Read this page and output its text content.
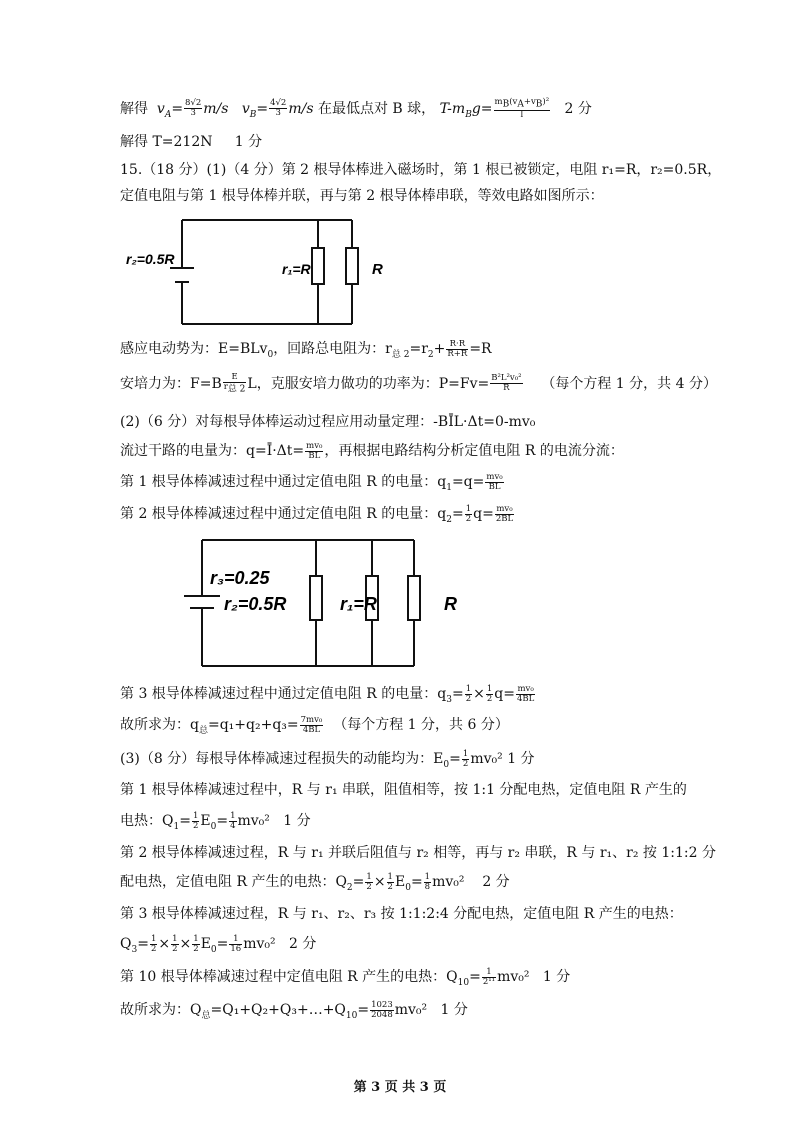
解得  $v_A= \frac{8√2}{3} m/s$ $v_B= \frac{4√2}{3} m/s$ 在最低点对 B 球， $T-m_Bg= \frac{m_B(v_A+v_B)^2}{l} 2$ 分
解得 T=212N 1 分
15.（18 分）(1)（4 分）第 2 根导体棒进入磁场时，第 1 根已被锁定，电阻 r₁=R，r₂=0.5R，
定值电阻与第 1 根导体棒并联，再与第 2 根导体棒串联，等效电路如图所示：
r₂=0.5R
r₁=R	R
感应电动势为：E=BLv$_0$，回路总电阻为：$r_{总 2}=r_2+ \frac{R\cdot R}{R+R} =R$
安培力为：$F=B \frac{E}{r_{总 2}}$ L，克服安培力做功的功率为：$P=Fv= \frac{\text{B²L²v₀²}}{R}$ （每个方程 1 分，共 4 分）
(2)（6 分）对每根导体棒运动过程应用动量定理：-BĪL·Δt=0-mv₀
流过干路的电量为：q=Ī·Δt= $\frac{\text{mv₀}}{BL}$ ，再根据电路结构分析定值电阻 R 的电流分流：
第 1 根导体棒减速过程中通过定值电阻 R 的电量：$q_1=q= \frac{\text{mv₀}}{BL}$
第 2 根导体棒减速过程中通过定值电阻 R 的电量：$q_2= \frac{1}{2} q= \frac{\text{mv₀}}{2BL}$
r₃=0.25
r₂=0.5R	r₁=R	R
第 3 根导体棒减速过程中通过定值电阻 R 的电量：$q_3= \frac{1}{2} \times \frac{1}{2} q= \frac{\text{mv₀}}{4BL}$
故所求为：$q_总=q_1+q_2+q_3= \frac{\text{7mv₀}}{4BL}$ （每个方程 1 分，共 6 分）
(3)（8 分）每根导体棒减速过程损失的动能均为：$E_0= \frac{1}{2} mv_0^2$ 1 分
第 1 根导体棒减速过程中，R 与 r₁ 串联，阻值相等，按 1:1 分配电热，定值电阻 R 产生的
电热：$Q_1= \frac{1}{2} E_0= \frac{1}{4} mv_0^2$ 1 分
第 2 根导体棒减速过程，R 与 r₁ 并联后阻值与 r₂ 相等，再与 r₂ 串联，R 与 r₁、r₂ 按 1:1:2 分
配电热，定值电阻 R 产生的电热：$Q_2= \frac{1}{2} \times \frac{1}{2} E_0= \frac{1}{8} mv_0^2$ 2 分
第 3 根导体棒减速过程，R 与 r₁、r₂、r₃ 按 1:1:2:4 分配电热，定值电阻 R 产生的电热：
$Q_3= \frac{1}{2} \times \frac{1}{2} \times \frac{1}{2} E_0= \frac{1}{16} mv_0^2$ 2 分
第 10 根导体棒减速过程中定值电阻 R 产生的电热：$Q_{10}= \frac{1}{\text{2¹¹}} mv_0^2$ 1 分
故所求为：$Q_总=Q_1+Q_2+Q_3+\dots+Q_{10}= \frac{1023}{2048} mv_0^2$ 1 分
第 3 页 共 3 页
